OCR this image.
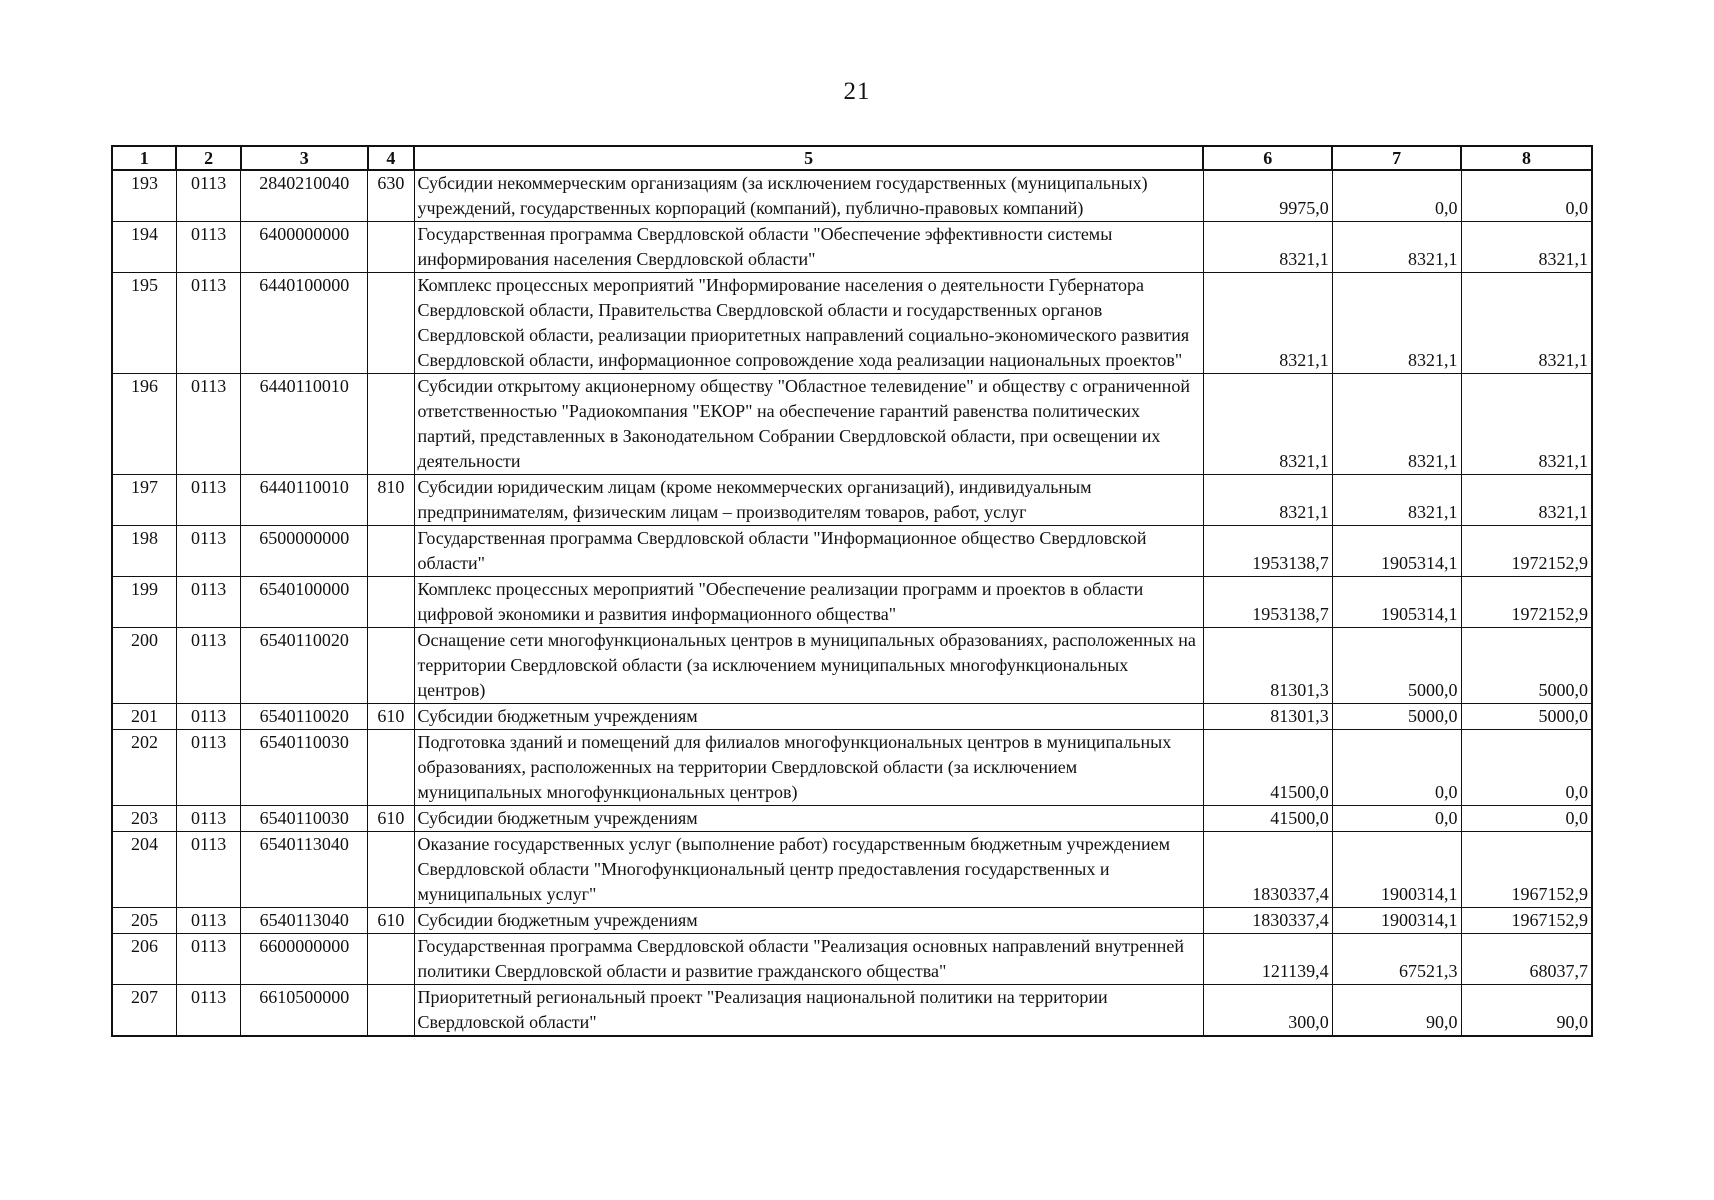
21
1	2	3	4	5	6	7	8
193	0113	2840210040	630	Субсидии некоммерческим организациям (за исключением государственных (муниципальных) учреждений, государственных корпораций (компаний), публично-правовых компаний)	9975,0	0,0	0,0
194	0113	6400000000		Государственная программа Свердловской области "Обеспечение эффективности системы информирования населения Свердловской области"	8321,1	8321,1	8321,1
195	0113	6440100000		Комплекс процессных мероприятий "Информирование населения о деятельности Губернатора Свердловской области, Правительства Свердловской области и государственных органов Свердловской области, реализации приоритетных направлений социально-экономического развития Свердловской области, информационное сопровождение хода реализации национальных проектов"	8321,1	8321,1	8321,1
196	0113	6440110010		Субсидии открытому акционерному обществу "Областное телевидение" и обществу с ограниченной ответственностью "Радиокомпания "ЕКОР" на обеспечение гарантий равенства политических партий, представленных в Законодательном Собрании Свердловской области, при освещении их деятельности	8321,1	8321,1	8321,1
197	0113	6440110010	810	Субсидии юридическим лицам (кроме некоммерческих организаций), индивидуальным предпринимателям, физическим лицам – производителям товаров, работ, услуг	8321,1	8321,1	8321,1
198	0113	6500000000		Государственная программа Свердловской области "Информационное общество Свердловской области"	1953138,7	1905314,1	1972152,9
199	0113	6540100000		Комплекс процессных мероприятий "Обеспечение реализации программ и проектов в области цифровой экономики и развития информационного общества"	1953138,7	1905314,1	1972152,9
200	0113	6540110020		Оснащение сети многофункциональных центров в муниципальных образованиях, расположенных на территории Свердловской области (за исключением муниципальных многофункциональных центров)	81301,3	5000,0	5000,0
201	0113	6540110020	610	Субсидии бюджетным учреждениям	81301,3	5000,0	5000,0
202	0113	6540110030		Подготовка зданий и помещений для филиалов многофункциональных центров в муниципальных образованиях, расположенных на территории Свердловской области (за исключением муниципальных многофункциональных центров)	41500,0	0,0	0,0
203	0113	6540110030	610	Субсидии бюджетным учреждениям	41500,0	0,0	0,0
204	0113	6540113040		Оказание государственных услуг (выполнение работ) государственным бюджетным учреждением Свердловской области "Многофункциональный центр предоставления государственных и муниципальных услуг"	1830337,4	1900314,1	1967152,9
205	0113	6540113040	610	Субсидии бюджетным учреждениям	1830337,4	1900314,1	1967152,9
206	0113	6600000000		Государственная программа Свердловской области "Реализация основных направлений внутренней политики Свердловской области и развитие гражданского общества"	121139,4	67521,3	68037,7
207	0113	6610500000		Приоритетный региональный проект "Реализация национальной политики на территории Свердловской области"	300,0	90,0	90,0
